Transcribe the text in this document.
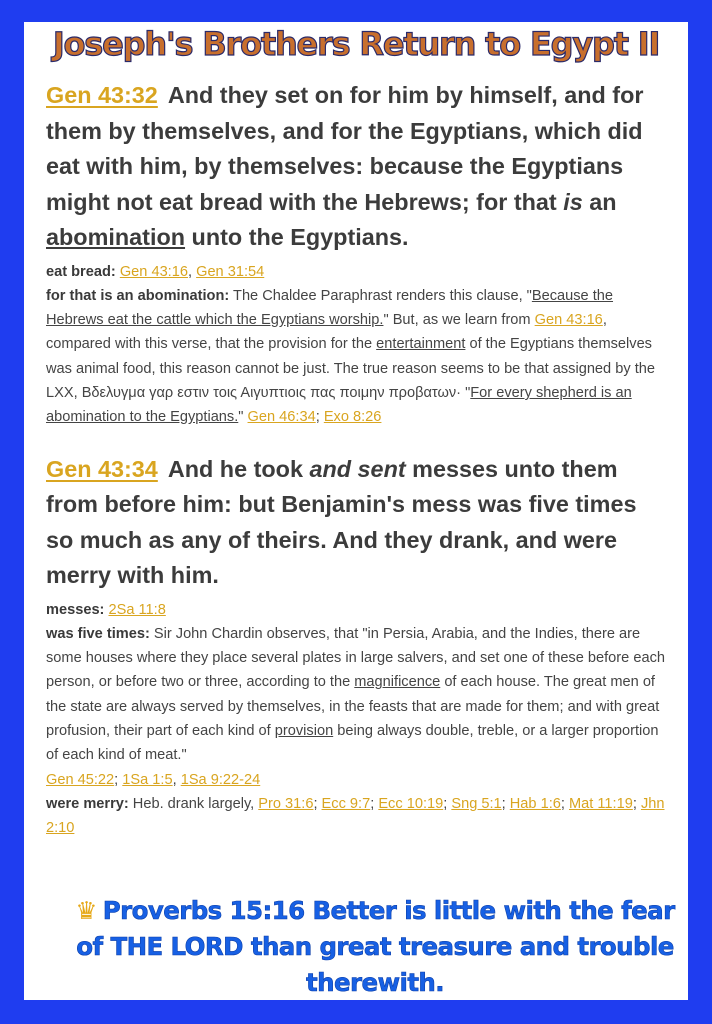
Joseph's Brothers Return to Egypt II

Gen 43:32 And they set on for him by himself, and for them by themselves, and for the Egyptians, which did eat with him, by themselves: because the Egyptians might not eat bread with the Hebrews; for that is an abomination unto the Egyptians.

eat bread: Gen 43:16, Gen 31:54
for that is an abomination: The Chaldee Paraphrast renders this clause, "Because the Hebrews eat the cattle which the Egyptians worship." But, as we learn from Gen 43:16, compared with this verse, that the provision for the entertainment of the Egyptians themselves was animal food, this reason cannot be just. The true reason seems to be that assigned by the LXX, Βδελυγμα γαρ εστιν τοις Αιγυπτιοις πας ποιμην προβατων· "For every shepherd is an abomination to the Egyptians." Gen 46:34; Exo 8:26

Gen 43:34 And he took and sent messes unto them from before him: but Benjamin's mess was five times so much as any of theirs. And they drank, and were merry with him.

messes: 2Sa 11:8
was five times: Sir John Chardin observes, that "in Persia, Arabia, and the Indies, there are some houses where they place several plates in large salvers, and set one of these before each person, or before two or three, according to the magnificence of each house. The great men of the state are always served by themselves, in the feasts that are made for them; and with great profusion, their part of each kind of provision being always double, treble, or a larger proportion of each kind of meat."
Gen 45:22; 1Sa 1:5, 1Sa 9:22-24
were merry: Heb. drank largely, Pro 31:6; Ecc 9:7; Ecc 10:19; Sng 5:1; Hab 1:6; Mat 11:19; Jhn 2:10
♛ Proverbs 15:16 Better is little with the fear of THE LORD than great treasure and trouble therewith.
